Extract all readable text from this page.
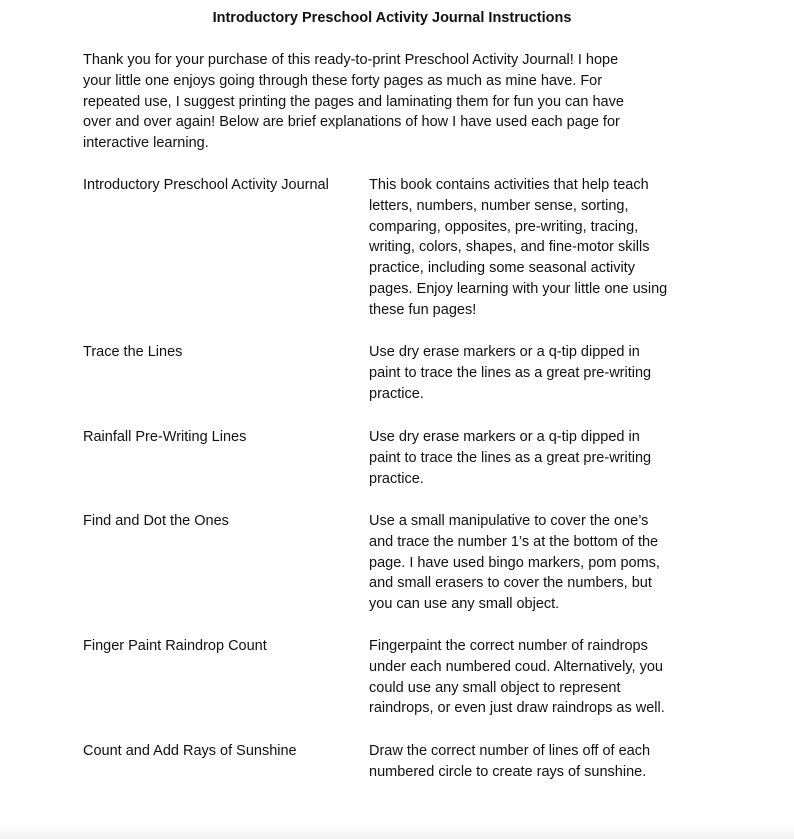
Introductory Preschool Activity Journal Instructions

Thank you for your purchase of this ready-to-print Preschool Activity Journal! I hope
your little one enjoys going through these forty pages as much as mine have. For
repeated use, I suggest printing the pages and laminating them for fun you can have
over and over again! Below are brief explanations of how I have used each page for
interactive learning.

Introductory Preschool Activity Journal	This book contains activities that help teach
letters, numbers, number sense, sorting,
comparing, opposites, pre-writing, tracing,
writing, colors, shapes, and fine-motor skills
practice, including some seasonal activity
pages. Enjoy learning with your little one using
these fun pages!
Trace the Lines	Use dry erase markers or a q-tip dipped in
paint to trace the lines as a great pre-writing
practice.
Rainfall Pre-Writing Lines	Use dry erase markers or a q-tip dipped in
paint to trace the lines as a great pre-writing
practice.
Find and Dot the Ones	Use a small manipulative to cover the one’s
and trace the number 1’s at the bottom of the
page. I have used bingo markers, pom poms,
and small erasers to cover the numbers, but
you can use any small object.
Finger Paint Raindrop Count	Fingerpaint the correct number of raindrops
under each numbered coud. Alternatively, you
could use any small object to represent
raindrops, or even just draw raindrops as well.
Count and Add Rays of Sunshine	Draw the correct number of lines off of each
numbered circle to create rays of sunshine.
